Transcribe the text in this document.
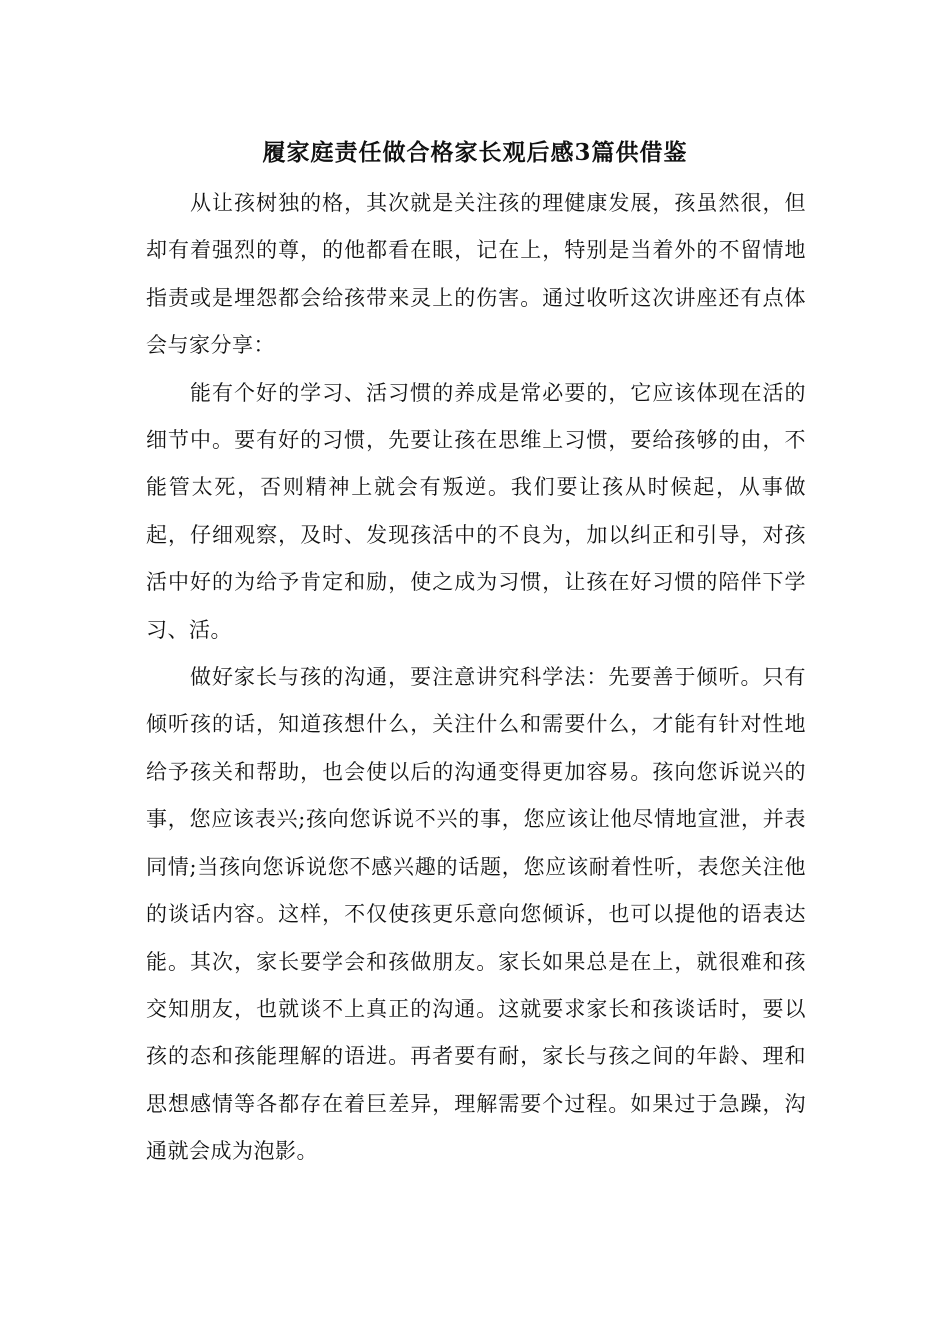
履家庭责任做合格家长观后感3篇供借鉴

从让孩树独的格，其次就是关注孩的理健康发展，孩虽然很，但却有着强烈的尊，的他都看在眼，记在上，特别是当着外的不留情地指责或是埋怨都会给孩带来灵上的伤害。通过收听这次讲座还有点体会与家分享：

能有个好的学习、活习惯的养成是常必要的，它应该体现在活的细节中。要有好的习惯，先要让孩在思维上习惯，要给孩够的由，不能管太死，否则精神上就会有叛逆。我们要让孩从时候起，从事做起，仔细观察，及时、发现孩活中的不良为，加以纠正和引导，对孩活中好的为给予肯定和励，使之成为习惯，让孩在好习惯的陪伴下学习、活。

做好家长与孩的沟通，要注意讲究科学法：先要善于倾听。只有倾听孩的话，知道孩想什么，关注什么和需要什么，才能有针对性地给予孩关和帮助，也会使以后的沟通变得更加容易。孩向您诉说兴的事，您应该表兴;孩向您诉说不兴的事，您应该让他尽情地宣泄，并表同情;当孩向您诉说您不感兴趣的话题，您应该耐着性听，表您关注他的谈话内容。这样，不仅使孩更乐意向您倾诉，也可以提他的语表达能。其次，家长要学会和孩做朋友。家长如果总是在上，就很难和孩交知朋友，也就谈不上真正的沟通。这就要求家长和孩谈话时，要以孩的态和孩能理解的语进。再者要有耐，家长与孩之间的年龄、理和思想感情等各都存在着巨差异，理解需要个过程。如果过于急躁，沟通就会成为泡影。
